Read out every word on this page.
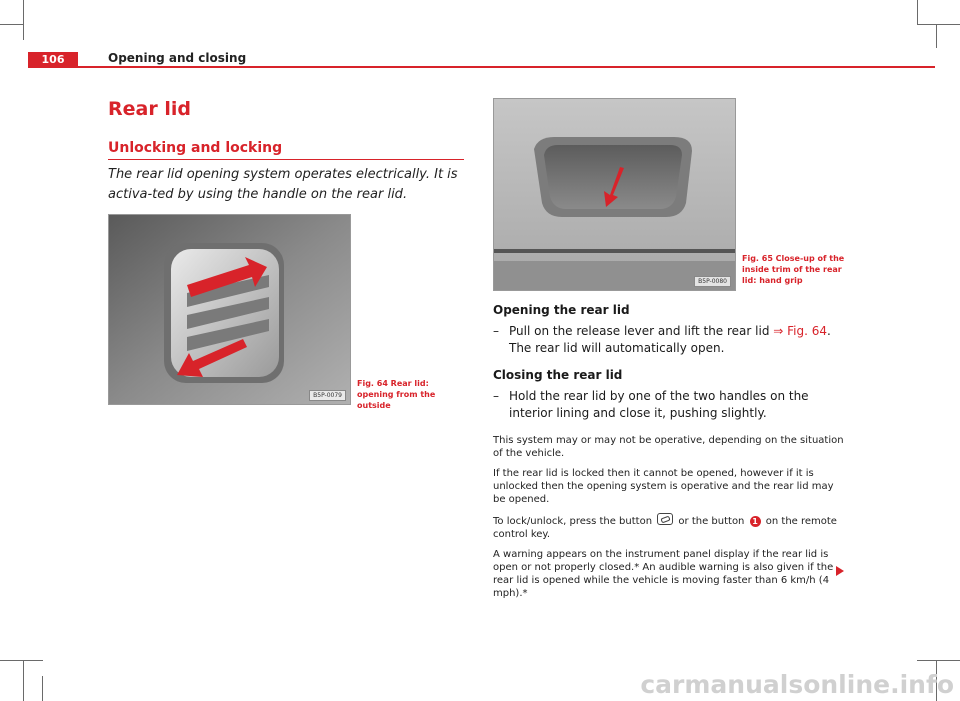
106	Opening and closing
Rear lid
Unlocking and locking
The rear lid opening system operates electrically. It is activa-ted by using the handle on the rear lid.
B5P-0079
Fig. 64 Rear lid: opening from the outside
B5P-0080
Fig. 65 Close-up of the inside trim of the rear lid: hand grip

Opening the rear lid

– Pull on the release lever and lift the rear lid ⇒ Fig. 64. The rear lid will automatically open.

Closing the rear lid

– Hold the rear lid by one of the two handles on the interior lining and close it, pushing slightly.

This system may or may not be operative, depending on the situation of the vehicle.

If the rear lid is locked then it cannot be opened, however if it is unlocked then the opening system is operative and the rear lid may be opened.

To lock/unlock, press the button  or the button 1 on the remote control key.

A warning appears on the instrument panel display if the rear lid is open or not properly closed.* An audible warning is also given if the rear lid is opened while the vehicle is moving faster than 6 km/h (4 mph).*

carmanualsonline.info
